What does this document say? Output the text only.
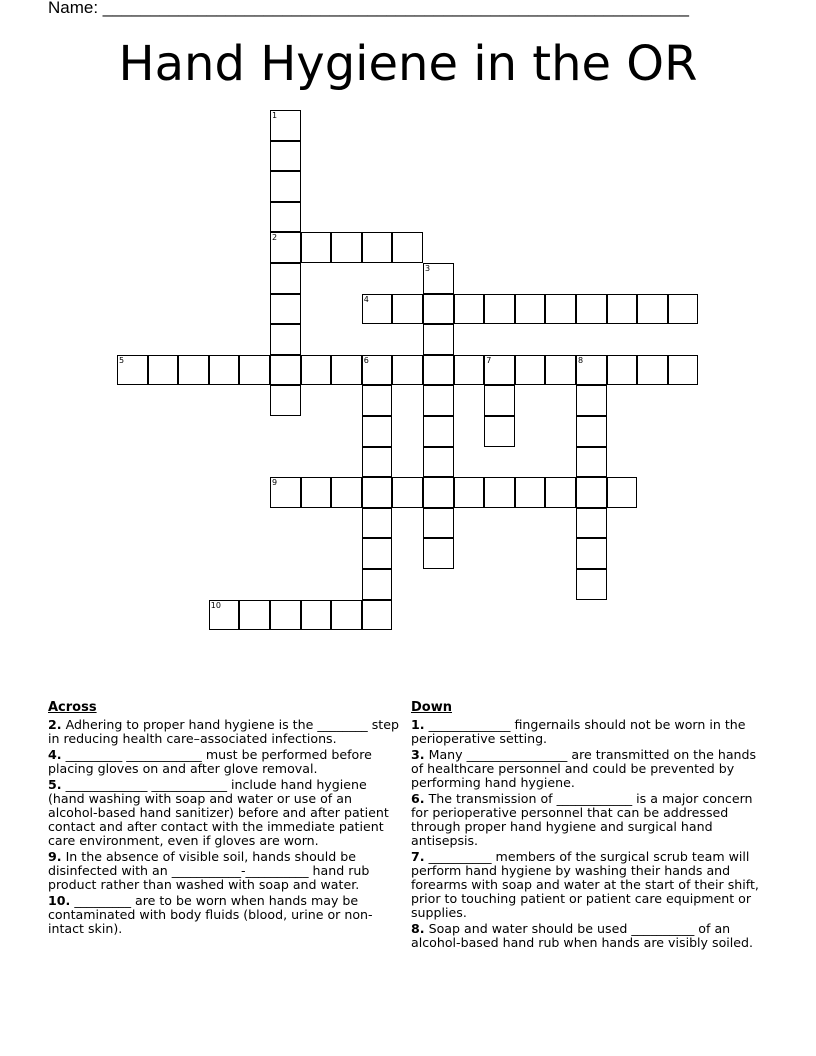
Name: ______________________________________________________________
Hand Hygiene in the OR
1
2
3
4
5	6	7	8
9
10
Across
2. Adhering to proper hand hygiene is the ________ step in reducing health care–associated infections.
4. _________ ____________ must be performed before placing gloves on and after glove removal.
5. _____________ ____________ include hand hygiene (hand washing with soap and water or use of an alcohol-based hand sanitizer) before and after patient contact and after contact with the immediate patient care environment, even if gloves are worn.
9. In the absence of visible soil, hands should be disinfected with an ___________-__________ hand rub product rather than washed with soap and water.
10. _________ are to be worn when hands may be contaminated with body fluids (blood, urine or non-intact skin).
Down
1. _____________ fingernails should not be worn in the perioperative setting.
3. Many ________________ are transmitted on the hands of healthcare personnel and could be prevented by performing hand hygiene.
6. The transmission of ____________ is a major concern for perioperative personnel that can be addressed through proper hand hygiene and surgical hand antisepsis.
7. __________ members of the surgical scrub team will perform hand hygiene by washing their hands and forearms with soap and water at the start of their shift, prior to touching patient or patient care equipment or supplies.
8. Soap and water should be used __________ of an alcohol-based hand rub when hands are visibly soiled.
